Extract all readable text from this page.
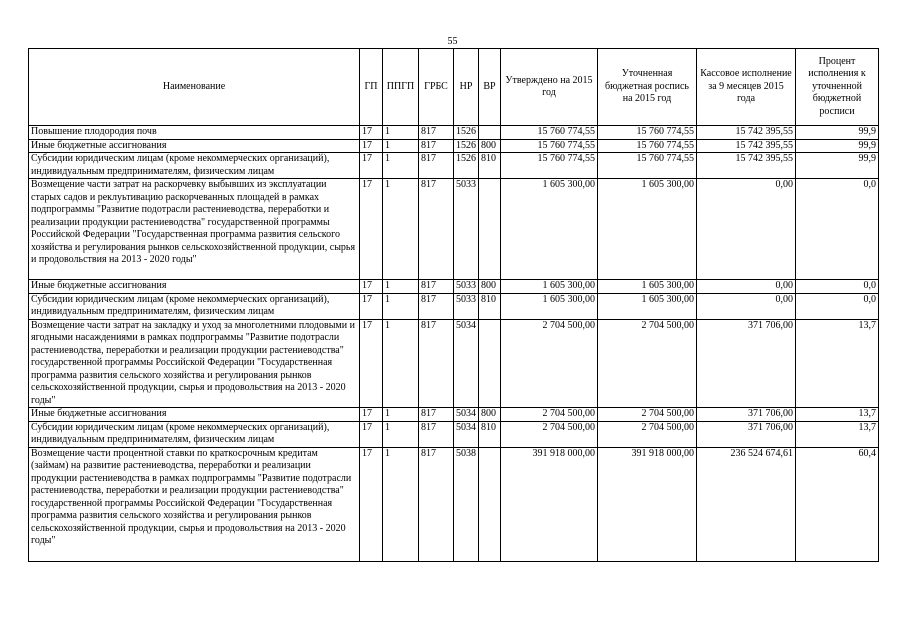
55
Наименование	ГП	ППГП	ГРБС	НР	ВР	Утверждено на 2015 год	Уточненная бюджетная роспись на 2015 год	Кассовое исполнение за 9 месяцев 2015 года	Процент исполнения к уточненной бюджетной росписи
Повышение плодородия почв	17	1	817	1526		15 760 774,55	15 760 774,55	15 742 395,55	99,9
Иные бюджетные ассигнования	17	1	817	1526	800	15 760 774,55	15 760 774,55	15 742 395,55	99,9
Субсидии юридическим лицам (кроме некоммерческих организаций), индивидуальным предпринимателям, физическим лицам	17	1	817	1526	810	15 760 774,55	15 760 774,55	15 742 395,55	99,9
Возмещение части затрат на раскорчевку выбывших из эксплуатации старых садов и реклуьтивацию раскорчеванных площадей в рамках подпрограммы "Развитие подотрасли растениеводства, переработки и реализации продукции растениеводства" государственной программы Российской Федерации "Государственная программа развития сельского хозяйства и регулирования рынков сельскохозяйственной продукции, сырья и продовольствия на 2013 - 2020 годы"	17	1	817	5033		1 605 300,00	1 605 300,00	0,00	0,0
Иные бюджетные ассигнования	17	1	817	5033	800	1 605 300,00	1 605 300,00	0,00	0,0
Субсидии юридическим лицам (кроме некоммерческих организаций), индивидуальным предпринимателям, физическим лицам	17	1	817	5033	810	1 605 300,00	1 605 300,00	0,00	0,0
Возмещение части затрат на закладку и уход за многолетними плодовыми и ягодными насаждениями в рамках подпрограммы "Развитие подотрасли растениеводства, переработки и реализации продукции растениеводства" государственной программы Российской Федерации "Государственная программа развития сельского хозяйства и регулирования рынков сельскохозяйственной продукции, сырья и продовольствия на 2013 - 2020 годы"	17	1	817	5034		2 704 500,00	2 704 500,00	371 706,00	13,7
Иные бюджетные ассигнования	17	1	817	5034	800	2 704 500,00	2 704 500,00	371 706,00	13,7
Субсидии юридическим лицам (кроме некоммерческих организаций), индивидуальным предпринимателям, физическим лицам	17	1	817	5034	810	2 704 500,00	2 704 500,00	371 706,00	13,7
Возмещение части процентной ставки по краткосрочным кредитам (займам) на развитие растениеводства, переработки и реализации продукции растениеводства в рамках подпрограммы "Развитие подотрасли растениеводства, переработки и реализации продукции растениеводства" государственной программы Российской Федерации "Государственная программа развития сельского хозяйства и регулирования рынков сельскохозяйственной продукции, сырья и продовольствия на 2013 - 2020 годы"	17	1	817	5038		391 918 000,00	391 918 000,00	236 524 674,61	60,4
